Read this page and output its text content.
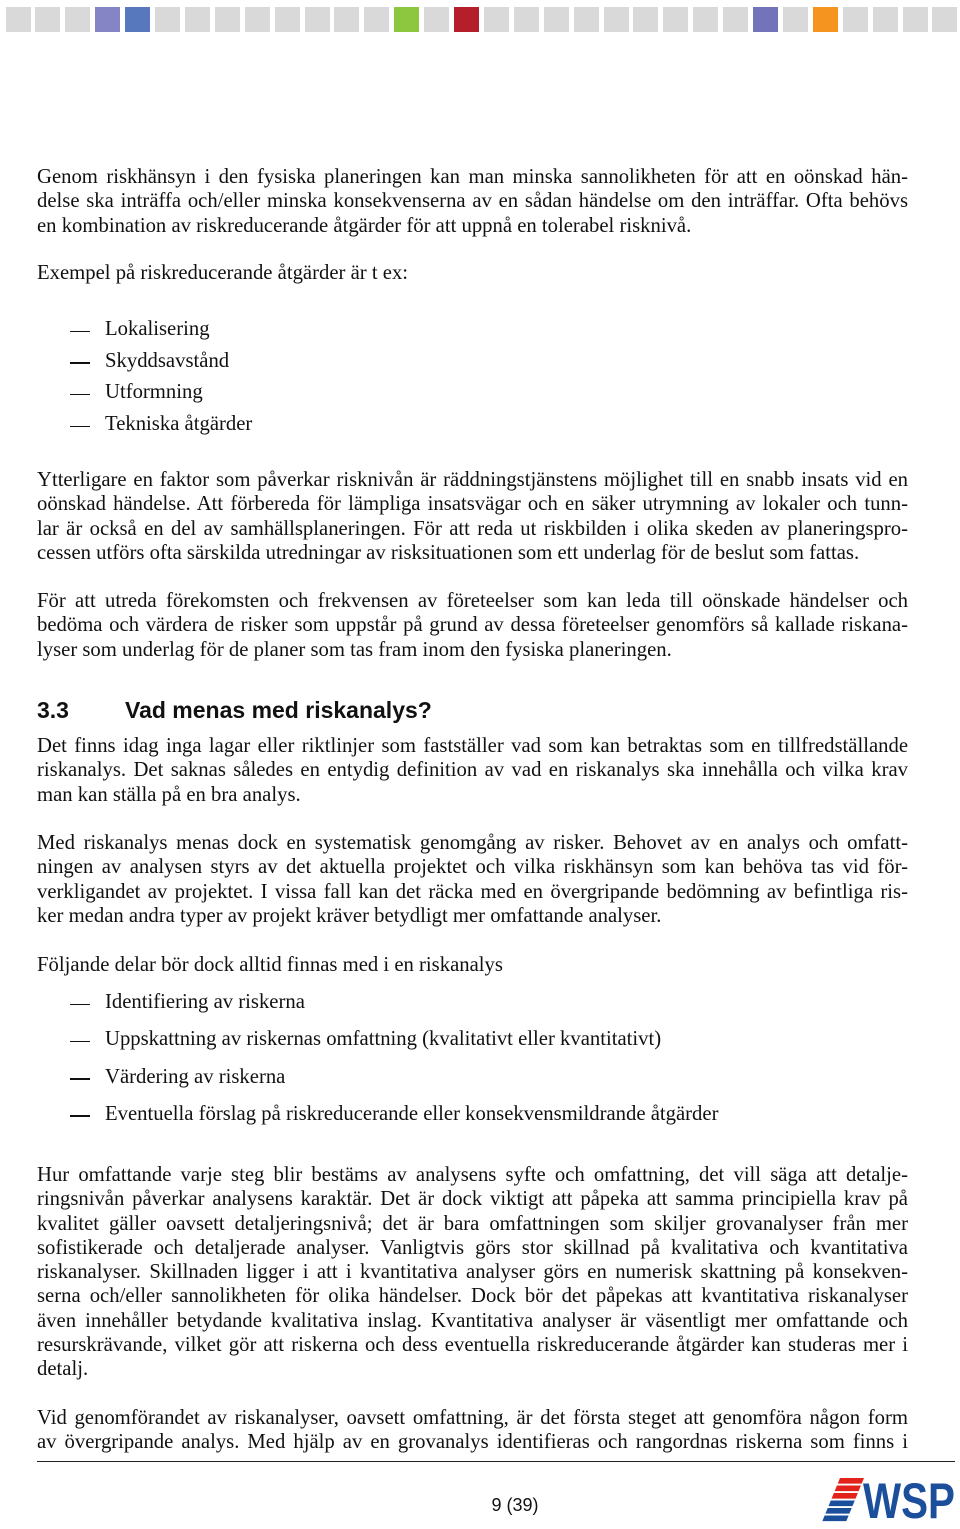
Genom riskhänsyn i den fysiska planeringen kan man minska sannolikheten för att en oönskad hän-
delse ska inträffa och/eller minska konsekvenserna av en sådan händelse om den inträffar. Ofta behövs
en kombination av riskreducerande åtgärder för att uppnå en tolerabel risknivå.
Exempel på riskreducerande åtgärder är t ex:
Lokalisering
Skyddsavstånd
Utformning
Tekniska åtgärder
Ytterligare en faktor som påverkar risknivån är räddningstjänstens möjlighet till en snabb insats vid en
oönskad händelse. Att förbereda för lämpliga insatsvägar och en säker utrymning av lokaler och tunn-
lar är också en del av samhällsplaneringen. För att reda ut riskbilden i olika skeden av planeringspro-
cessen utförs ofta särskilda utredningar av risksituationen som ett underlag för de beslut som fattas.
För att utreda förekomsten och frekvensen av företeelser som kan leda till oönskade händelser och
bedöma och värdera de risker som uppstår på grund av dessa företeelser genomförs så kallade riskana-
lyser som underlag för de planer som tas fram inom den fysiska planeringen.
3.3 Vad menas med riskanalys?
Det finns idag inga lagar eller riktlinjer som fastställer vad som kan betraktas som en tillfredställande
riskanalys. Det saknas således en entydig definition av vad en riskanalys ska innehålla och vilka krav
man kan ställa på en bra analys.
Med riskanalys menas dock en systematisk genomgång av risker. Behovet av en analys och omfatt-
ningen av analysen styrs av det aktuella projektet och vilka riskhänsyn som kan behöva tas vid för-
verkligandet av projektet. I vissa fall kan det räcka med en övergripande bedömning av befintliga ris-
ker medan andra typer av projekt kräver betydligt mer omfattande analyser.
Följande delar bör dock alltid finnas med i en riskanalys
Identifiering av riskerna
Uppskattning av riskernas omfattning (kvalitativt eller kvantitativt)
Värdering av riskerna
Eventuella förslag på riskreducerande eller konsekvensmildrande åtgärder
Hur omfattande varje steg blir bestäms av analysens syfte och omfattning, det vill säga att detalje-
ringsnivån påverkar analysens karaktär. Det är dock viktigt att påpeka att samma principiella krav på
kvalitet gäller oavsett detaljeringsnivå; det är bara omfattningen som skiljer grovanalyser från mer
sofistikerade och detaljerade analyser. Vanligtvis görs stor skillnad på kvalitativa och kvantitativa
riskanalyser. Skillnaden ligger i att i kvantitativa analyser görs en numerisk skattning på konsekven-
serna och/eller sannolikheten för olika händelser. Dock bör det påpekas att kvantitativa riskanalyser
även innehåller betydande kvalitativa inslag. Kvantitativa analyser är väsentligt mer omfattande och
resurskrävande, vilket gör att riskerna och dess eventuella riskreducerande åtgärder kan studeras mer i
detalj.
Vid genomförandet av riskanalyser, oavsett omfattning, är det första steget att genomföra någon form
av övergripande analys. Med hjälp av en grovanalys identifieras och rangordnas riskerna som finns i
9 (39)	WSP
